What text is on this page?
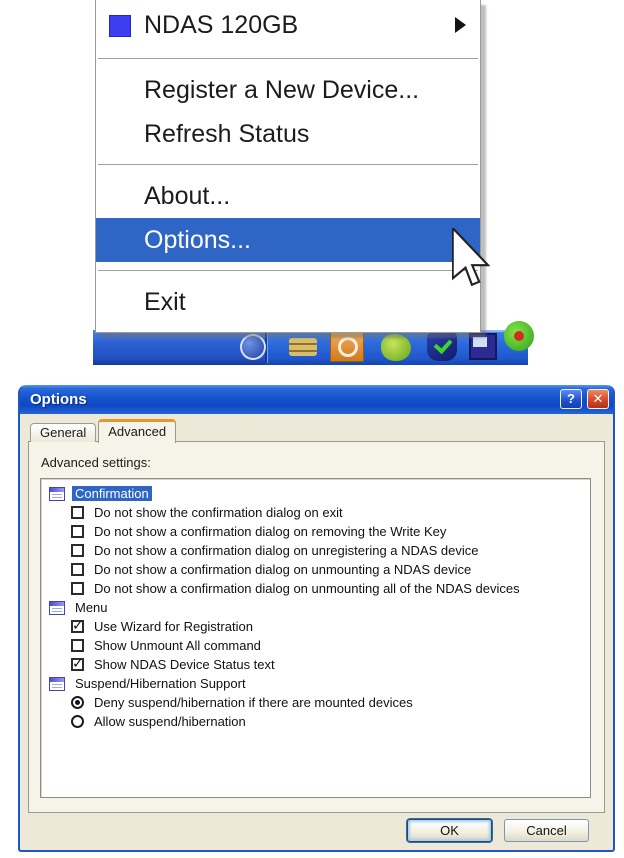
NDAS 120GB
Register a New Device...
Refresh Status
About...
Options...
Exit
Options	?	✕
General	Advanced
Advanced settings:
Confirmation
Do not show the confirmation dialog on exit
Do not show a confirmation dialog on removing the Write Key
Do not show a confirmation dialog on unregistering a NDAS device
Do not show a confirmation dialog on unmounting a NDAS device
Do not show a confirmation dialog on unmounting all of the NDAS devices
Menu
✓
Use Wizard for Registration
Show Unmount All command
✓
Show NDAS Device Status text
Suspend/Hibernation Support
Deny suspend/hibernation if there are mounted devices
Allow suspend/hibernation
OK	Cancel
